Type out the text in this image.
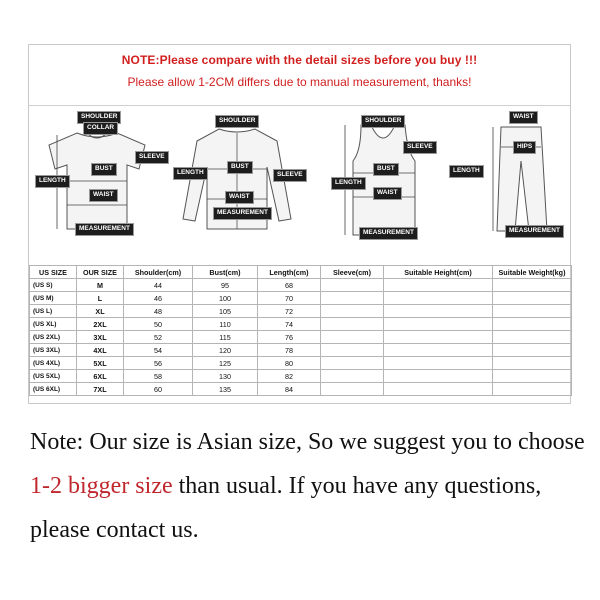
NOTE:Please compare with the detail sizes before you buy !!!
Please allow 1-2CM differs due to manual measurement, thanks!
SHOULDER
COLLAR
SLEEVE
BUST
LENGTH
WAIST
MEASUREMENT
SHOULDER
LENGTH
BUST
SLEEVE
WAIST
MEASUREMENT
SHOULDER
SLEEVE
BUST
LENGTH
WAIST
MEASUREMENT
WAIST
HIPS
LENGTH
MEASUREMENT
US SIZE	OUR SIZE	Shoulder(cm)	Bust(cm)	Length(cm)	Sleeve(cm)	Suitable Height(cm)	Suitable Weight(kg)
(US S)	M	44	95	68			
(US M)	L	46	100	70			
(US L)	XL	48	105	72			
(US XL)	2XL	50	110	74			
(US 2XL)	3XL	52	115	76			
(US 3XL)	4XL	54	120	78			
(US 4XL)	5XL	56	125	80			
(US 5XL)	6XL	58	130	82			
(US 6XL)	7XL	60	135	84			
Note: Our size is Asian size, So we suggest you to choose 1-2 bigger size than usual. If you have any questions, please contact us.
